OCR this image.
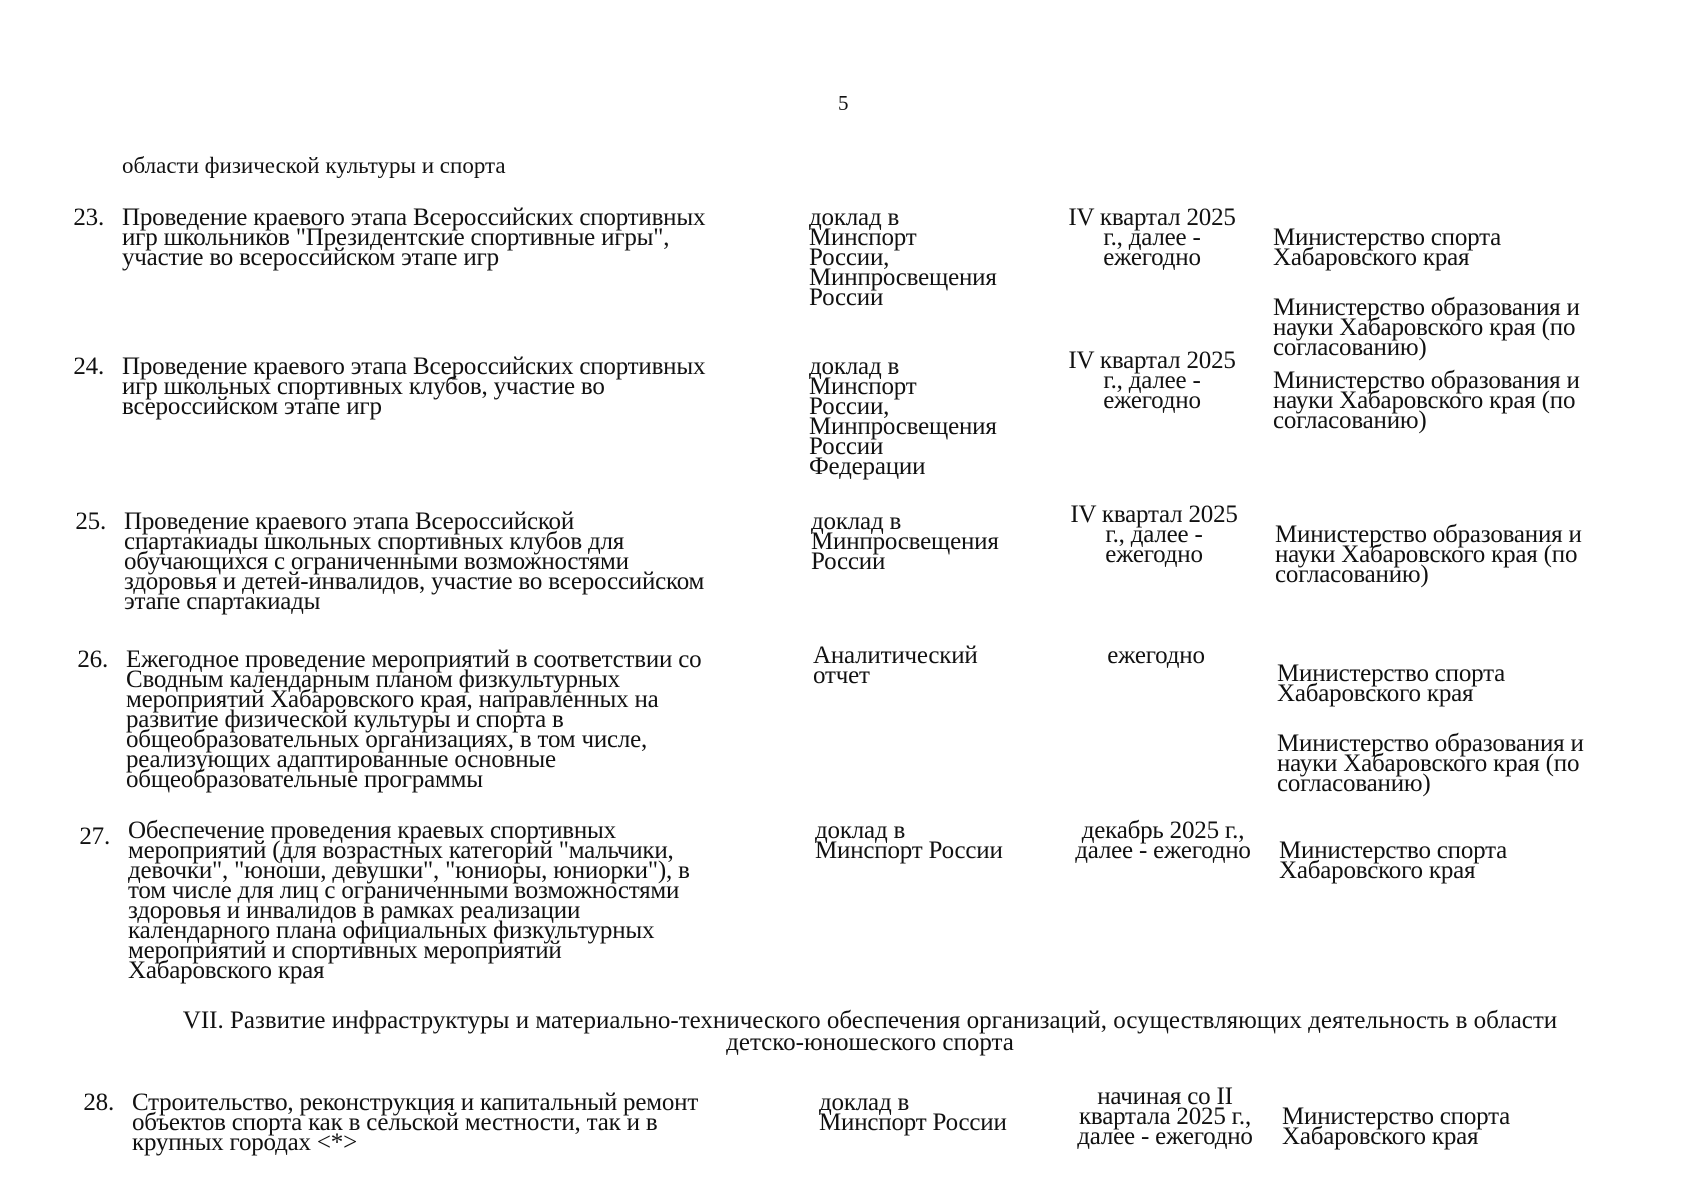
5
области физической культуры и спорта
23. Проведение краевого этапа Всероссийских спортивных
игр школьников "Президентские спортивные игры",
участие во всероссийском этапе игр
доклад в
Минспорт
России,
Минпросвещения
России
IV квартал 2025
г., далее -
ежегодно

Министерство спорта
Хабаровского края

Министерство образования и
науки Хабаровского края (по
согласованию)

24. Проведение краевого этапа Всероссийских спортивных
игр школьных спортивных клубов, участие во
всероссийском этапе игр
доклад в
Минспорт
России,
Минпросвещения
России
Федерации
IV квартал 2025
г., далее -
ежегодно

Министерство образования и
науки Хабаровского края (по
согласованию)

25. Проведение краевого этапа Всероссийской
спартакиады школьных спортивных клубов для
обучающихся с ограниченными возможностями
здоровья и детей-инвалидов, участие во всероссийском
этапе спартакиады
доклад в
Минпросвещения
России
IV квартал 2025
г., далее -
ежегодно

Министерство образования и
науки Хабаровского края (по
согласованию)

26. Ежегодное проведение мероприятий в соответствии со
Сводным календарным планом физкультурных
мероприятий Хабаровского края, направленных на
развитие физической культуры и спорта в
общеобразовательных организациях, в том числе,
реализующих адаптированные основные
общеобразовательные программы
Аналитический
отчет
ежегодно

Министерство спорта
Хабаровского края

Министерство образования и
науки Хабаровского края (по
согласованию)

27. Обеспечение проведения краевых спортивных
мероприятий (для возрастных категорий "мальчики,
девочки", "юноши, девушки", "юниоры, юниорки"), в
том числе для лиц с ограниченными возможностями
здоровья и инвалидов в рамках реализации
календарного плана официальных физкультурных
мероприятий и спортивных мероприятий
Хабаровского края
доклад в
Минспорт России
декабрь 2025 г.,
далее - ежегодно	Министерство спорта
Хабаровского края

VII. Развитие инфраструктуры и материально-технического обеспечения организаций, осуществляющих деятельность в области
детско-юношеского спорта
28. Строительство, реконструкция и капитальный ремонт
объектов спорта как в сельской местности, так и в
крупных городах <*>
доклад в
Минспорт России
начиная со II
квартала 2025 г.,
далее - ежегодно

Министерство спорта
Хабаровского края
